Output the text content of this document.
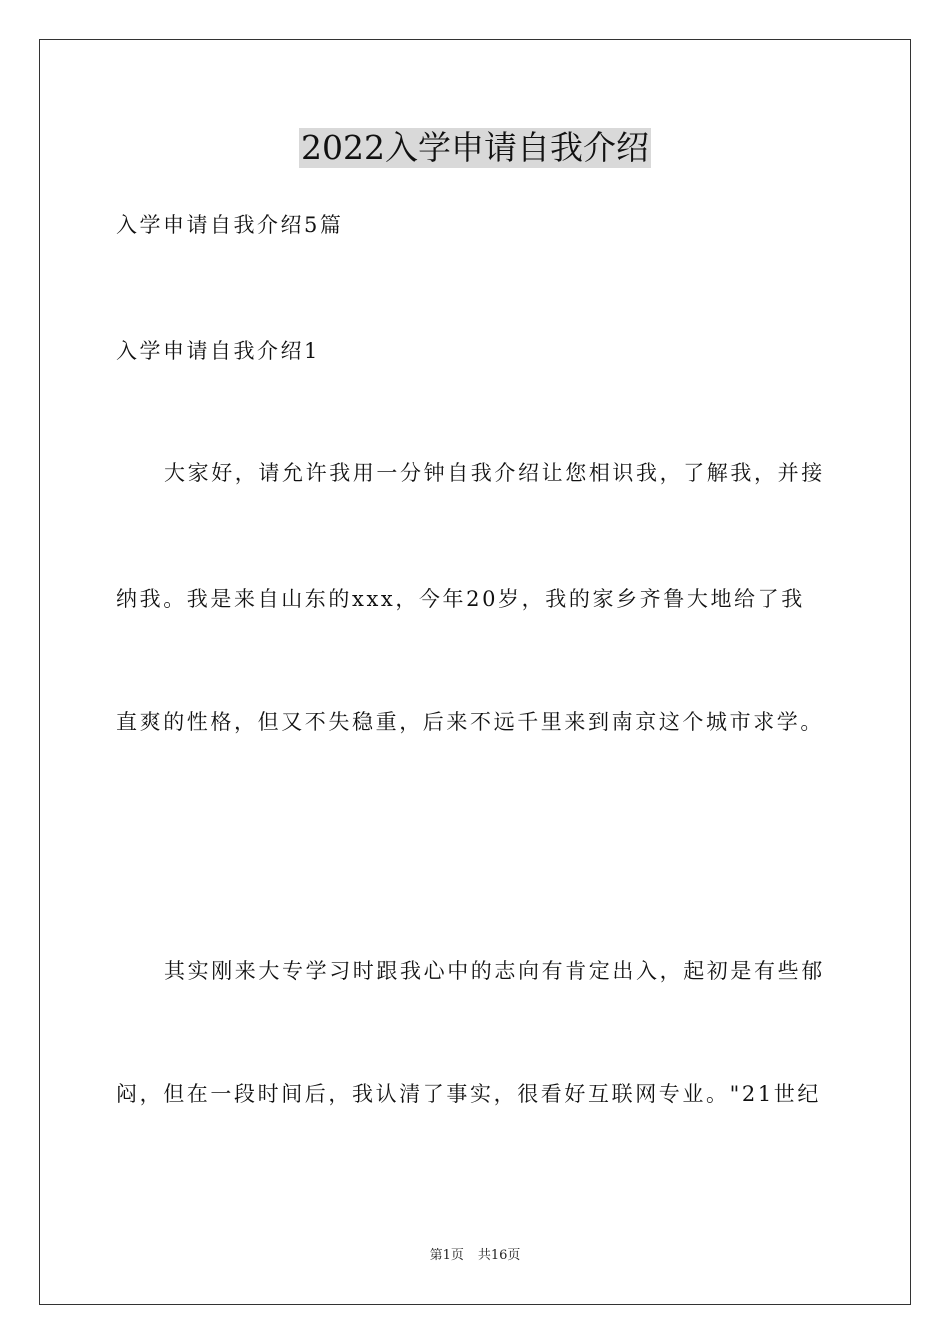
2022入学申请自我介绍
入学申请自我介绍5篇
入学申请自我介绍1
大家好，请允许我用一分钟自我介绍让您相识我，了解我，并接
纳我。我是来自山东的xxx，今年20岁，我的家乡齐鲁大地给了我
直爽的性格，但又不失稳重，后来不远千里来到南京这个城市求学。
其实刚来大专学习时跟我心中的志向有肯定出入，起初是有些郁
闷，但在一段时间后，我认清了事实，很看好互联网专业。"21世纪
第1页 共16页
